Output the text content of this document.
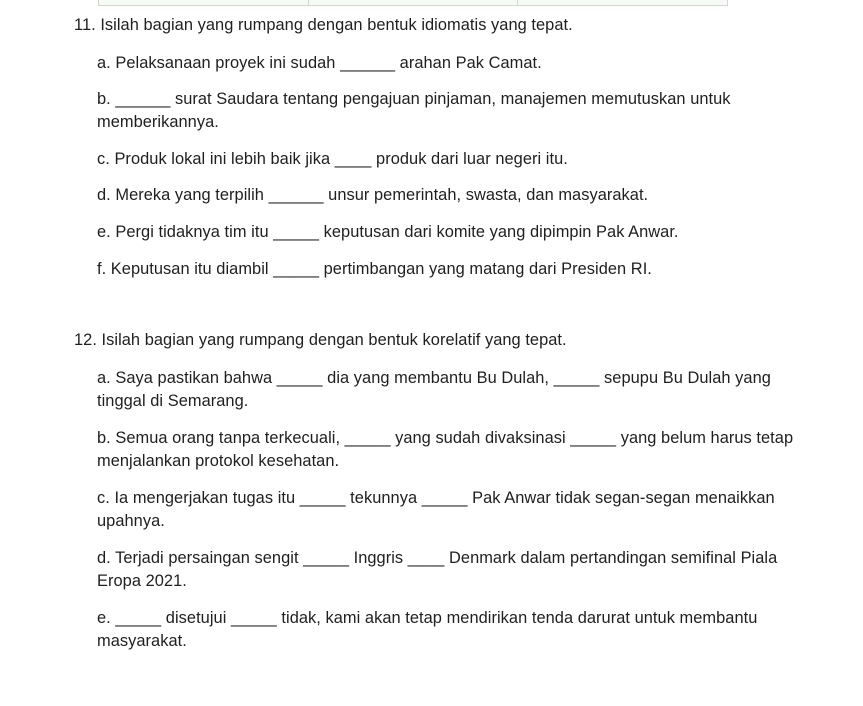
11. Isilah bagian yang rumpang dengan bentuk idiomatis yang tepat.
a. Pelaksanaan proyek ini sudah ______ arahan Pak Camat.
b. ______ surat Saudara tentang pengajuan pinjaman, manajemen memutuskan untuk memberikannya.
c. Produk lokal ini lebih baik jika ____ produk dari luar negeri itu.
d. Mereka yang terpilih ______ unsur pemerintah, swasta, dan masyarakat.
e. Pergi tidaknya tim itu _____ keputusan dari komite yang dipimpin Pak Anwar.
f. Keputusan itu diambil _____ pertimbangan yang matang dari Presiden RI.
12. Isilah bagian yang rumpang dengan bentuk korelatif yang tepat.
a. Saya pastikan bahwa _____ dia yang membantu Bu Dulah, _____ sepupu Bu Dulah yang tinggal di Semarang.
b. Semua orang tanpa terkecuali, _____ yang sudah divaksinasi _____ yang belum harus tetap menjalankan protokol kesehatan.
c. Ia mengerjakan tugas itu _____ tekunnya _____ Pak Anwar tidak segan-segan menaikkan upahnya.
d. Terjadi persaingan sengit _____ Inggris ____ Denmark dalam pertandingan semifinal Piala Eropa 2021.
e. _____ disetujui _____ tidak, kami akan tetap mendirikan tenda darurat untuk membantu masyarakat.
